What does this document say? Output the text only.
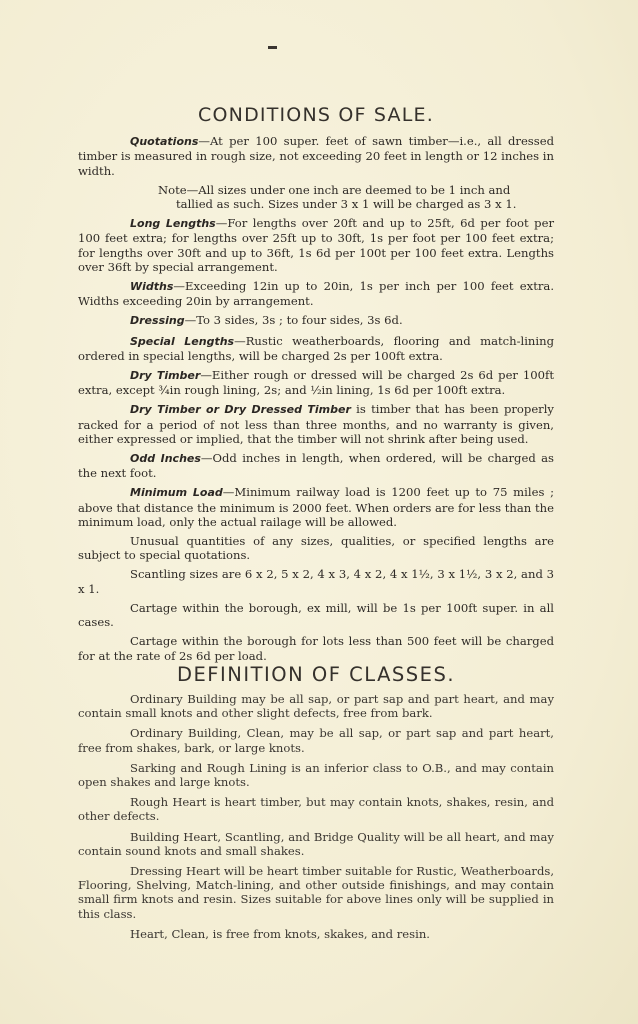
CONDITIONS OF SALE.

Quotations—At per 100 super. feet of sawn timber—i.e., all dressed timber is measured in rough size, not exceeding 20 feet in length or 12 inches in width.

Note—All sizes under one inch are deemed to be 1 inch and
tallied as such. Sizes under 3 x 1 will be charged as 3 x 1.

Long Lengths—For lengths over 20ft and up to 25ft, 6d per foot per 100 feet extra; for lengths over 25ft up to 30ft, 1s per foot per 100 feet extra; for lengths over 30ft and up to 36ft, 1s 6d per 100t per 100 feet extra. Lengths over 36ft by special arrangement.

Widths—Exceeding 12in up to 20in, 1s per inch per 100 feet extra. Widths exceeding 20in by arrangement.

Dressing—To 3 sides, 3s ; to four sides, 3s 6d.

Special Lengths—Rustic weatherboards, flooring and match-lining ordered in special lengths, will be charged 2s per 100ft extra.

Dry Timber—Either rough or dressed will be charged 2s 6d per 100ft extra, except ¾in rough lining, 2s; and ½in lining, 1s 6d per 100ft extra.

Dry Timber or Dry Dressed Timber is timber that has been properly racked for a period of not less than three months, and no warranty is given, either expressed or implied, that the timber will not shrink after being used.

Odd Inches—Odd inches in length, when ordered, will be charged as the next foot.

Minimum Load—Minimum railway load is 1200 feet up to 75 miles ; above that distance the minimum is 2000 feet. When orders are for less than the minimum load, only the actual railage will be allowed.

Unusual quantities of any sizes, qualities, or specified lengths are subject to special quotations.

Scantling sizes are 6 x 2, 5 x 2, 4 x 3, 4 x 2, 4 x 1½, 3 x 1½, 3 x 2, and 3 x 1.

Cartage within the borough, ex mill, will be 1s per 100ft super. in all cases.

Cartage within the borough for lots less than 500 feet will be charged for at the rate of 2s 6d per load.

DEFINITION OF CLASSES.

Ordinary Building may be all sap, or part sap and part heart, and may contain small knots and other slight defects, free from bark.

Ordinary Building, Clean, may be all sap, or part sap and part heart, free from shakes, bark, or large knots.

Sarking and Rough Lining is an inferior class to O.B., and may contain open shakes and large knots.

Rough Heart is heart timber, but may contain knots, shakes, resin, and other defects.

Building Heart, Scantling, and Bridge Quality will be all heart, and may contain sound knots and small shakes.

Dressing Heart will be heart timber suitable for Rustic, Weatherboards, Flooring, Shelving, Match-lining, and other outside finishings, and may contain small firm knots and resin. Sizes suitable for above lines only will be supplied in this class.

Heart, Clean, is free from knots, skakes, and resin.
